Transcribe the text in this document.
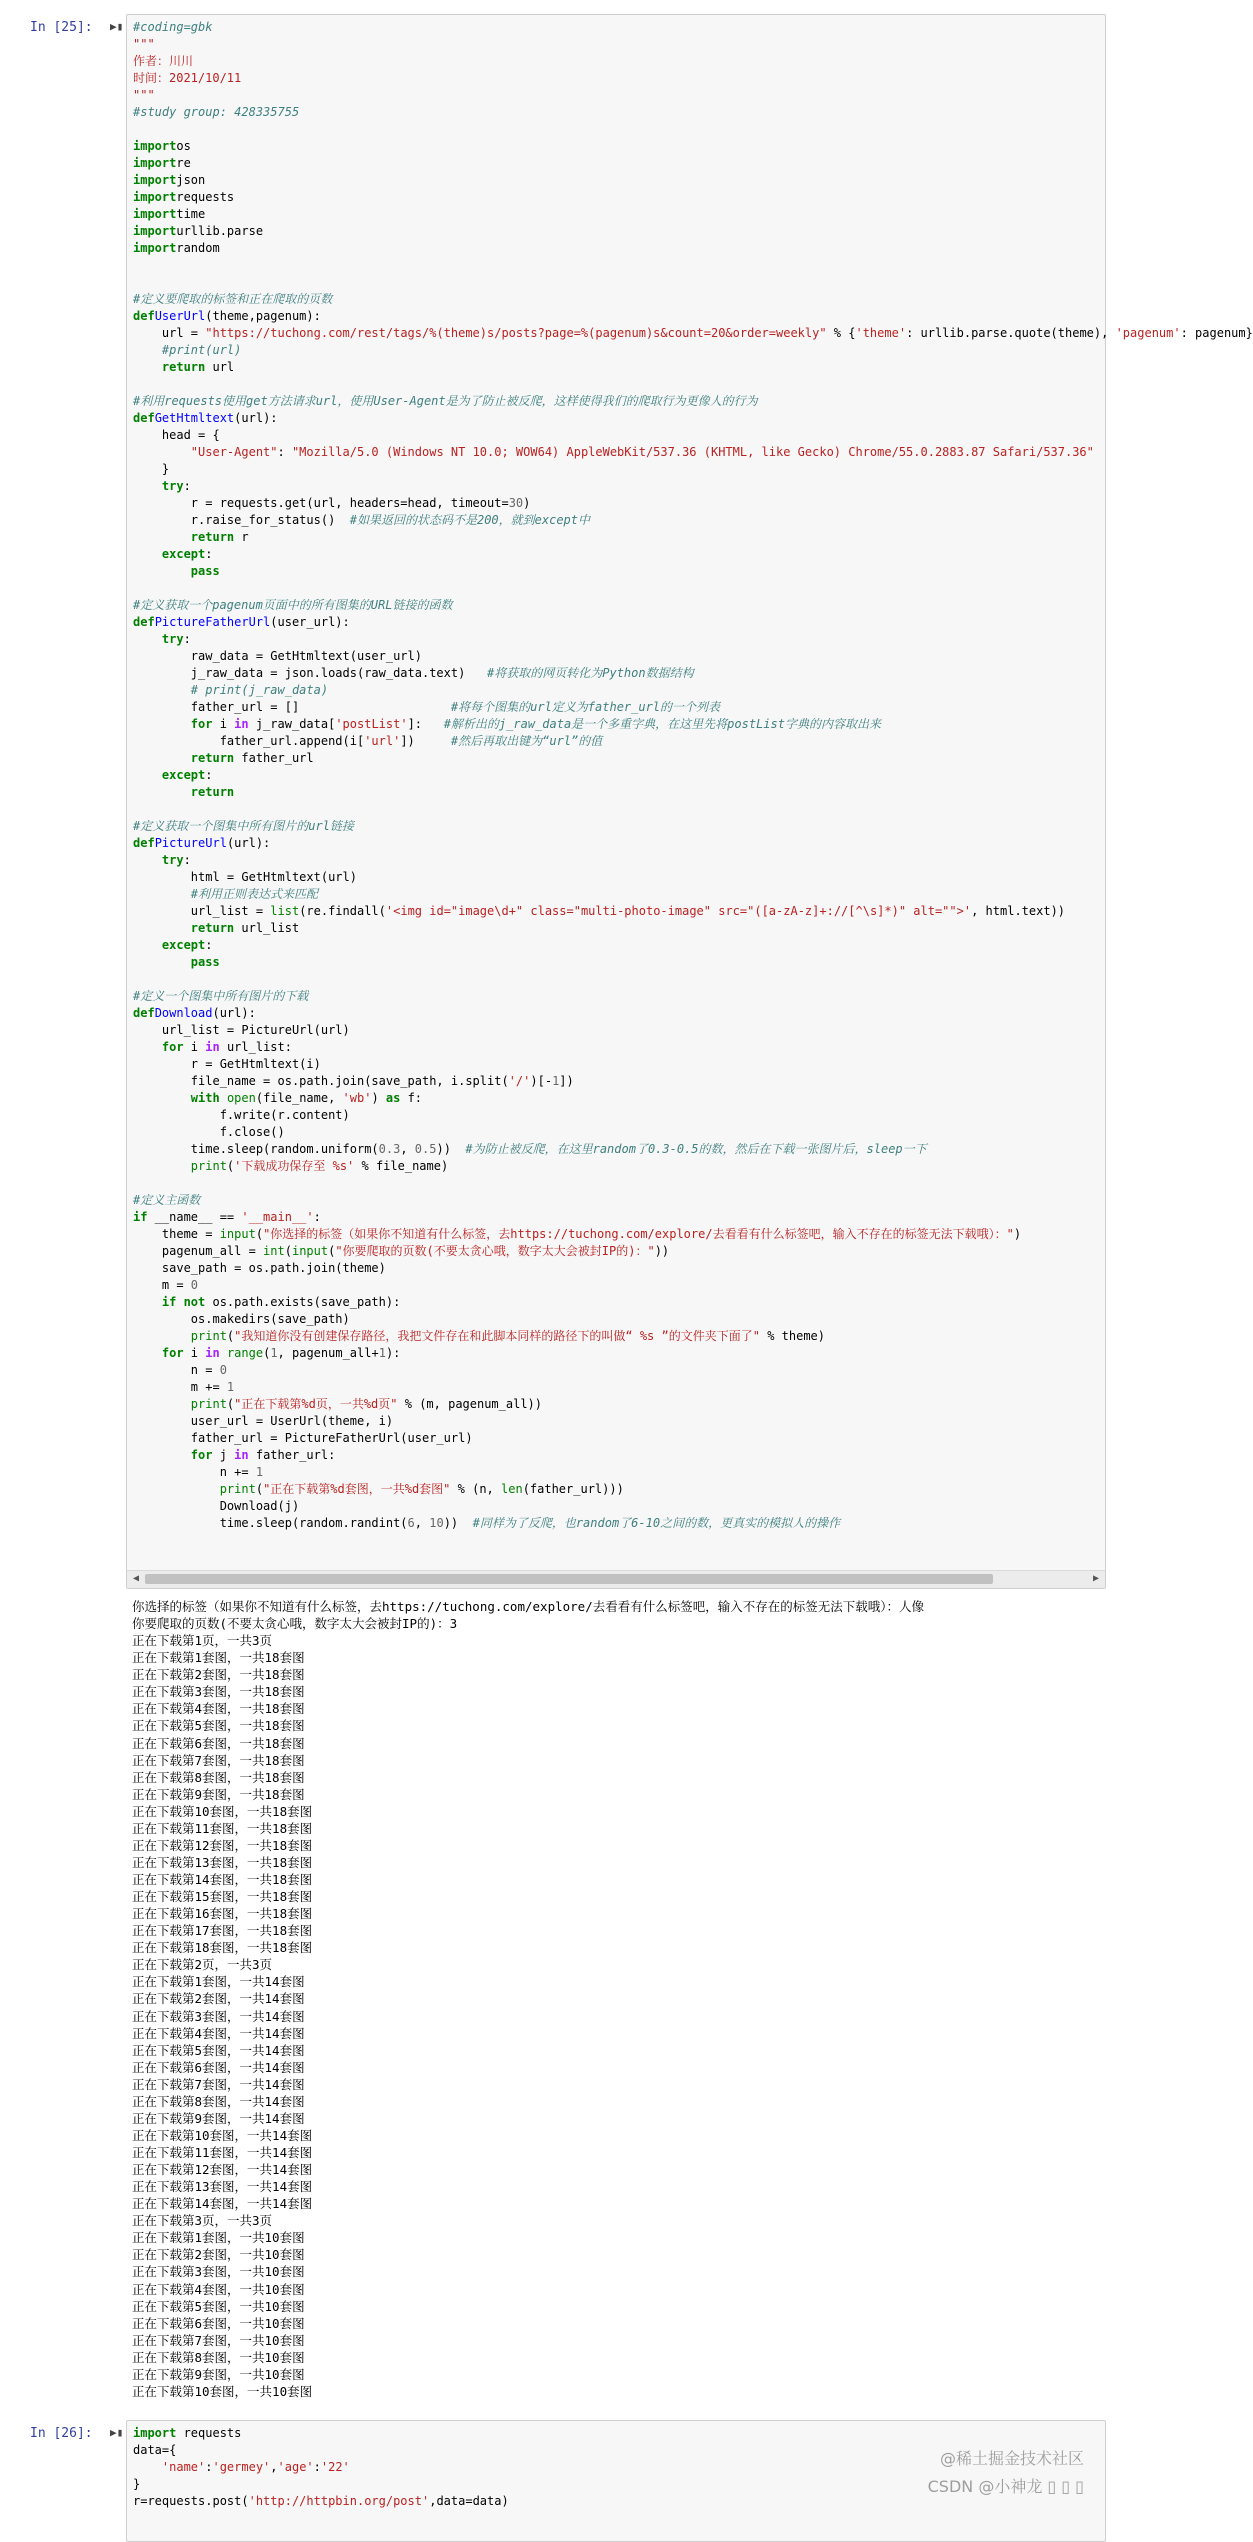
In [25]: ▶▮ #coding=gbk
"""
作者：川川
时间：2021/10/11
"""
#study group: 428335755

importos
importre
importjson
importrequests
importtime
importurllib.parse
importrandom

#定义要爬取的标签和正在爬取的页数
defUserUrl(theme,pagenum):
url = "https://tuchong.com/rest/tags/%(theme)s/posts?page=%(pagenum)s&count=20&order=weekly" % {'theme': urllib.parse.quote(theme), 'pagenum': pagenum}
#print(url)
return url

#利用requests使用get方法请求url，使用User-Agent是为了防止被反爬，这样使得我们的爬取行为更像人的行为
defGetHtmltext(url):
head = {
"User-Agent": "Mozilla/5.0 (Windows NT 10.0; WOW64) AppleWebKit/537.36 (KHTML, like Gecko) Chrome/55.0.2883.87 Safari/537.36"
}
try:
r = requests.get(url, headers=head, timeout=30)
r.raise_for_status()  #如果返回的状态码不是200，就到except中
return r
except:
pass

#定义获取一个pagenum页面中的所有图集的URL链接的函数
defPictureFatherUrl(user_url):
try:
raw_data = GetHtmltext(user_url)
j_raw_data = json.loads(raw_data.text)   #将获取的网页转化为Python数据结构
# print(j_raw_data)
father_url = []                     #将每个图集的url定义为father_url的一个列表
for i in j_raw_data['postList']:   #解析出的j_raw_data是一个多重字典，在这里先将postList字典的内容取出来
father_url.append(i['url'])     #然后再取出键为“url”的值
return father_url
except:
return

#定义获取一个图集中所有图片的url链接
defPictureUrl(url):
try:
html = GetHtmltext(url)
#利用正则表达式来匹配
url_list = list(re.findall('<img id="image\d+" class="multi-photo-image" src="([a-zA-z]+://[^\s]*)" alt="">', html.text))
return url_list
except:
pass

#定义一个图集中所有图片的下载
defDownload(url):
url_list = PictureUrl(url)
for i in url_list:
r = GetHtmltext(i)
file_name = os.path.join(save_path, i.split('/')[-1])
with open(file_name, 'wb') as f:
f.write(r.content)
f.close()
time.sleep(random.uniform(0.3, 0.5))  #为防止被反爬，在这里random了0.3-0.5的数，然后在下载一张图片后，sleep一下
print('下载成功保存至 %s' % file_name)

#定义主函数
if __name__ == '__main__':
theme = input("你选择的标签（如果你不知道有什么标签，去https://tuchong.com/explore/去看看有什么标签吧，输入不存在的标签无法下载哦）：")
pagenum_all = int(input("你要爬取的页数(不要太贪心哦，数字太大会被封IP的)："))
save_path = os.path.join(theme)
m = 0
if not os.path.exists(save_path):
os.makedirs(save_path)
print("我知道你没有创建保存路径，我把文件存在和此脚本同样的路径下的叫做“ %s ”的文件夹下面了" % theme)
for i in range(1, pagenum_all+1):
n = 0
m += 1
print("正在下载第%d页，一共%d页" % (m, pagenum_all))
user_url = UserUrl(theme, i)
father_url = PictureFatherUrl(user_url)
for j in father_url:
n += 1
print("正在下载第%d套图，一共%d套图" % (n, len(father_url)))
Download(j)
time.sleep(random.randint(6, 10))  #同样为了反爬，也random了6-10之间的数，更真实的模拟人的操作
◀	▶
你选择的标签（如果你不知道有什么标签，去https://tuchong.com/explore/去看看有什么标签吧，输入不存在的标签无法下载哦）：人像
你要爬取的页数(不要太贪心哦，数字太大会被封IP的)：3
正在下载第1页，一共3页
正在下载第1套图，一共18套图
正在下载第2套图，一共18套图
正在下载第3套图，一共18套图
正在下载第4套图，一共18套图
正在下载第5套图，一共18套图
正在下载第6套图，一共18套图
正在下载第7套图，一共18套图
正在下载第8套图，一共18套图
正在下载第9套图，一共18套图
正在下载第10套图，一共18套图
正在下载第11套图，一共18套图
正在下载第12套图，一共18套图
正在下载第13套图，一共18套图
正在下载第14套图，一共18套图
正在下载第15套图，一共18套图
正在下载第16套图，一共18套图
正在下载第17套图，一共18套图
正在下载第18套图，一共18套图
正在下载第2页，一共3页
正在下载第1套图，一共14套图
正在下载第2套图，一共14套图
正在下载第3套图，一共14套图
正在下载第4套图，一共14套图
正在下载第5套图，一共14套图
正在下载第6套图，一共14套图
正在下载第7套图，一共14套图
正在下载第8套图，一共14套图
正在下载第9套图，一共14套图
正在下载第10套图，一共14套图
正在下载第11套图，一共14套图
正在下载第12套图，一共14套图
正在下载第13套图，一共14套图
正在下载第14套图，一共14套图
正在下载第3页，一共3页
正在下载第1套图，一共10套图
正在下载第2套图，一共10套图
正在下载第3套图，一共10套图
正在下载第4套图，一共10套图
正在下载第5套图，一共10套图
正在下载第6套图，一共10套图
正在下载第7套图，一共10套图
正在下载第8套图，一共10套图
正在下载第9套图，一共10套图
正在下载第10套图，一共10套图
In [26]: ▶▮ import requests
data={
'name':'germey','age':'22'
}
r=requests.post('http://httpbin.org/post',data=data)
@稀土掘金技术社区
CSDN @小神龙 ▯ ▯ ▯
